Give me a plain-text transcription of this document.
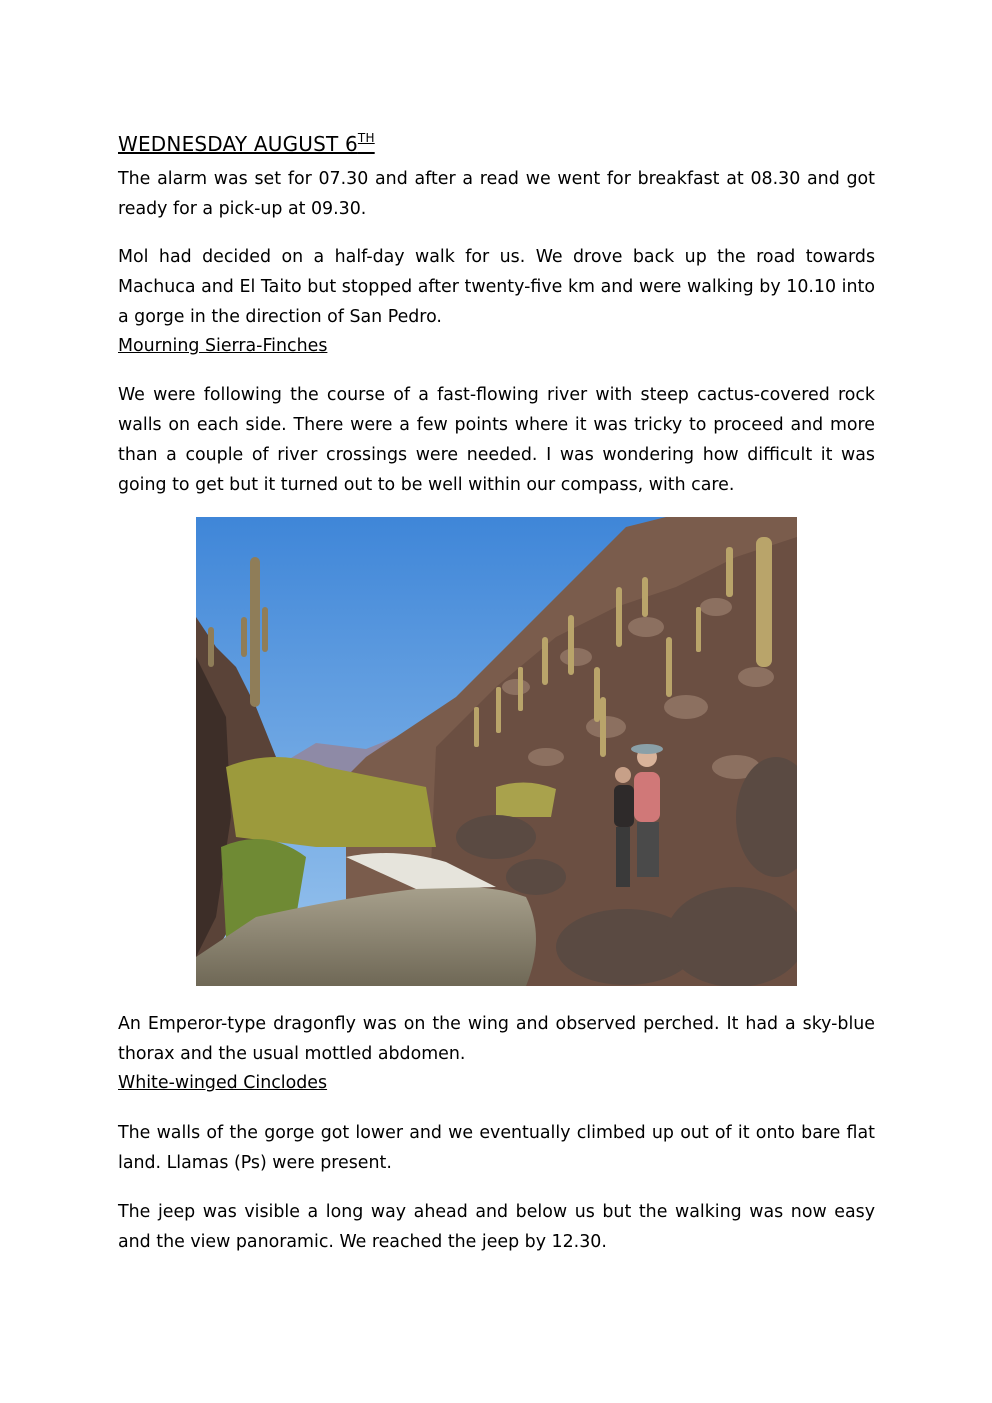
WEDNESDAY AUGUST 6TH
The alarm was set for 07.30 and after a read we went for breakfast at 08.30 and got ready for a pick-up at 09.30.
Mol had decided on a half-day walk for us. We drove back up the road towards Machuca and El Taito but stopped after twenty-five km and were walking by 10.10 into a gorge in the direction of San Pedro.
Mourning Sierra-Finches
We were following the course of a fast-flowing river with steep cactus-covered rock walls on each side. There were a few points where it was tricky to proceed and more than a couple of river crossings were needed. I was wondering how difficult it was going to get but it turned out to be well within our compass, with care.
An Emperor-type dragonfly was on the wing and observed perched. It had a sky-blue thorax and the usual mottled abdomen.
White-winged Cinclodes
The walls of the gorge got lower and we eventually climbed up out of it onto bare flat land. Llamas (Ps) were present.
The jeep was visible a long way ahead and below us but the walking was now easy and the view panoramic. We reached the jeep by 12.30.
